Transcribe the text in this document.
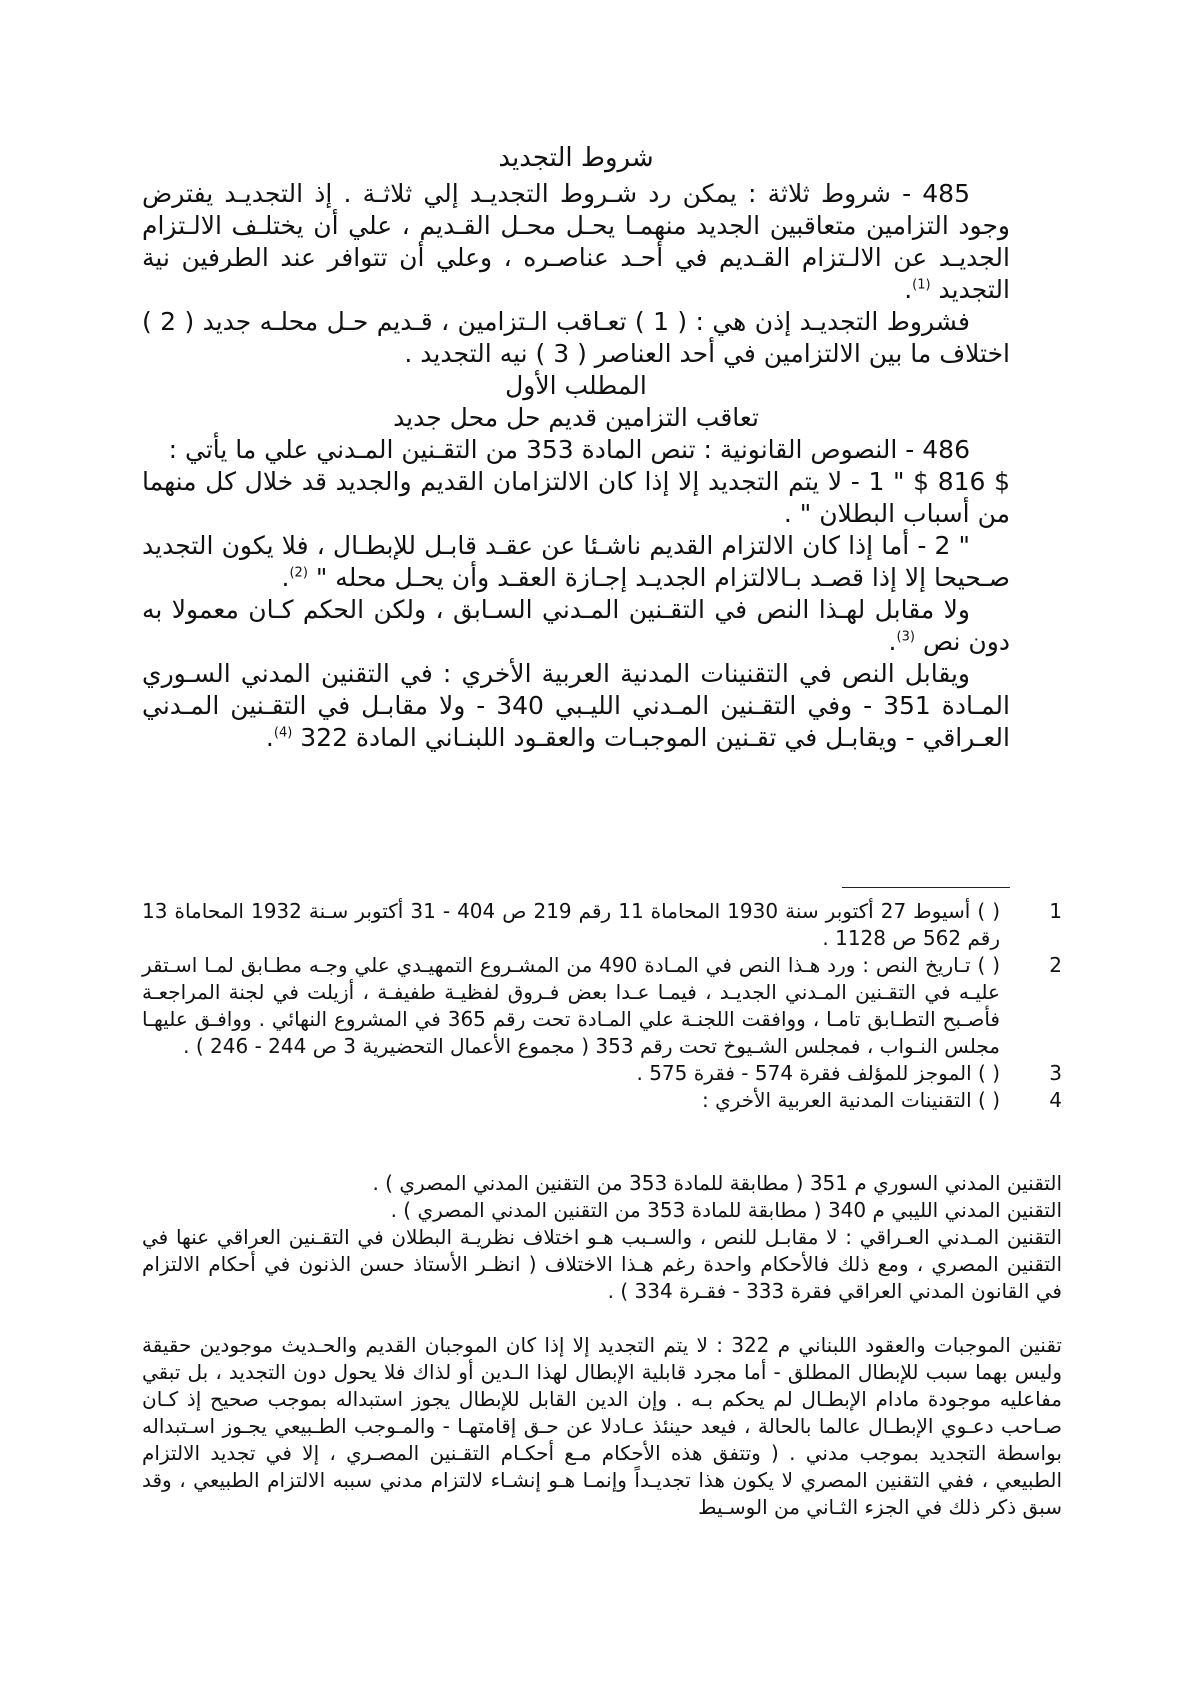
شروط التجديد

485 - شروط ثلاثة : يمكن رد شـروط التجديـد إلي ثلاثـة . إذ التجديـد يفترض وجود التزامين متعاقبين الجديد منهمـا يحـل محـل القـديم ، علي أن يختلـف الالـتزام الجديـد عن الالـتزام القـديم في أحـد عناصـره ، وعلي أن تتوافر عند الطرفين نية التجديد $^{(1)}$.

فشروط التجديـد إذن هي : ( 1 ) تعـاقب الـتزامين ، قـديم حـل محلـه جديد ( 2 ) اختلاف ما بين الالتزامين في أحد العناصر ( 3 ) نيه التجديد .

المطلب الأول

تعاقب التزامين قديم حل محل جديد

486 - النصوص القانونية : تنص المادة 353 من التقـنين المـدني علي ما يأتي :

$ 816 $ " 1 - لا يتم التجديد إلا إذا كان الالتزامان القديم والجديد قد خلال كل منهما من أسباب البطلان " .

" 2 - أما إذا كان الالتزام القديم ناشـئا عن عقـد قابـل للإبطـال ، فلا يكون التجديد صـحيحا إلا إذا قصـد بـالالتزام الجديـد إجـازة العقـد وأن يحـل محله " $^{(2)}$.

ولا مقابل لهـذا النص في التقـنين المـدني السـابق ، ولكن الحكم كـان معمولا به دون نص $^{(3)}$.

ويقابل النص في التقنينات المدنية العربية الأخري : في التقنين المدني السـوري المـادة 351 - وفي التقـنين المـدني الليـبي 340 - ولا مقابـل في التقـنين المـدني العـراقي - ويقابـل في تقـنين الموجبـات والعقـود اللبنـاني المادة 322 $^{(4)}$.

1
( ) أسيوط 27 أكتوبر سنة 1930 المحاماة 11 رقم 219 ص 404 - 31 أكتوبر سـنة 1932 المحاماة 13 رقم 562 ص 1128 .
2
( ) تـاريخ النص : ورد هـذا النص في المـادة 490 من المشـروع التمهيـدي علي وجـه مطـابق لمـا اسـتقر عليـه في التقـنين المـدني الجديـد ، فيمـا عـدا بعض فـروق لفظيـة طفيفـة ، أزيلت في لجنة المراجعـة فأصـبح التطـابق تامـا ، ووافقت اللجنـة علي المـادة تحت رقم 365 في المشروع النهائي . ووافـق عليهـا مجلس النـواب ، فمجلس الشـيوخ تحت رقم 353 ( مجموع الأعمال التحضيرية 3 ص 244 - 246 ) .
3
( ) الموجز للمؤلف فقرة 574 - فقرة 575 .
4
( ) التقنينات المدنية العربية الأخري :
التقنين المدني السوري م 351 ( مطابقة للمادة 353 من التقنين المدني المصري ) .
التقنين المدني الليبي م 340 ( مطابقة للمادة 353 من التقنين المدني المصري ) .
التقنين المـدني العـراقي : لا مقابـل للنص ، والسـبب هـو اختلاف نظريـة البطلان في التقـنين العراقي عنها في التقنين المصري ، ومع ذلك فالأحكام واحدة رغم هـذا الاختلاف ( انظـر الأستاذ حسن الذنون في أحكام الالتزام في القانون المدني العراقي فقرة 333 - فقـرة 334 ) .
تقنين الموجبات والعقود اللبناني م 322 : لا يتم التجديد إلا إذا كان الموجبان القديم والحـديث موجودين حقيقة وليس بهما سبب للإبطال المطلق - أما مجرد قابلية الإبطال لهذا الـدين أو لذاك فلا يحول دون التجديد ، بل تبقي مفاعليه موجودة مادام الإبطـال لم يحكم بـه . وإن الدين القابل للإبطال يجوز استبداله بموجب صحيح إذ كـان صـاحب دعـوي الإبطـال عالما بالحالة ، فيعد حينئذ عـادلا عن حـق إقامتهـا - والمـوجب الطـبيعي يجـوز اسـتبداله بواسطة التجديد بموجب مدني . ( وتتفق هذه الأحكام مـع أحكـام التقـنين المصـري ، إلا في تجديد الالتزام الطبيعي ، ففي التقنين المصري لا يكون هذا تجديـداً وإنمـا هـو إنشـاء لالتزام مدني سببه الالتزام الطبيعي ، وقد سبق ذكر ذلك في الجزء الثـاني من الوسـيط
